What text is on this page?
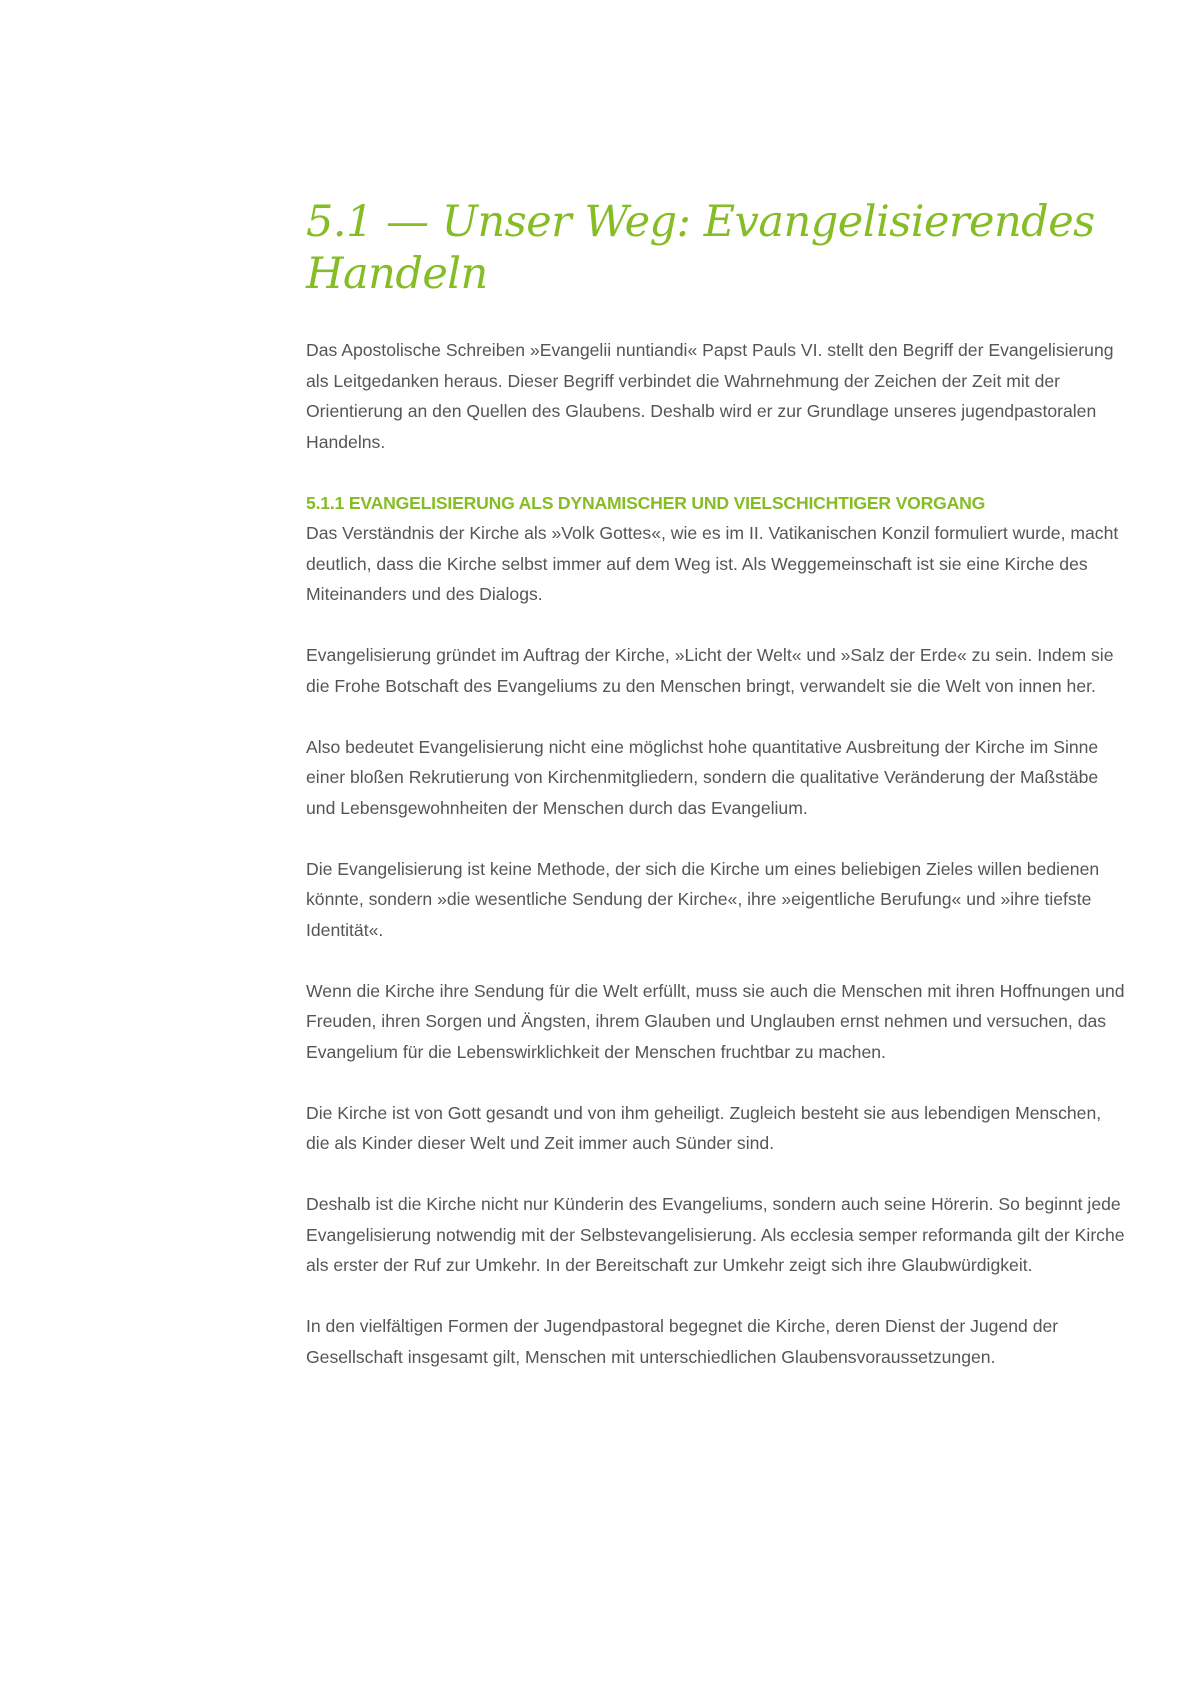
5.1 — Unser Weg: Evangelisierendes
Handeln

Das Apostolische Schreiben »Evangelii nuntiandi« Papst Pauls VI. stellt den Begriff der Evangelisierung als Leitgedanken heraus. Dieser Begriff verbindet die Wahrnehmung der Zeichen der Zeit mit der Orientierung an den Quellen des Glaubens. Deshalb wird er zur Grundlage unseres jugendpastoralen Handelns.

5.1.1 EVANGELISIERUNG ALS DYNAMISCHER UND VIELSCHICHTIGER VORGANG

Das Verständnis der Kirche als »Volk Gottes«, wie es im II. Vatikanischen Konzil formuliert wurde, macht deutlich, dass die Kirche selbst immer auf dem Weg ist. Als Weggemeinschaft ist sie eine Kirche des Miteinanders und des Dialogs.

Evangelisierung gründet im Auftrag der Kirche, »Licht der Welt« und »Salz der Erde« zu sein. Indem sie die Frohe Botschaft des Evangeliums zu den Menschen bringt, verwandelt sie die Welt von innen her.

Also bedeutet Evangelisierung nicht eine möglichst hohe quantitative Ausbreitung der Kirche im Sinne einer bloßen Rekrutierung von Kirchenmitgliedern, sondern die qualitative Veränderung der Maßstäbe und Lebensgewohnheiten der Menschen durch das Evangelium.

Die Evangelisierung ist keine Methode, der sich die Kirche um eines beliebigen Zieles willen bedienen könnte, sondern »die wesentliche Sendung der Kirche«, ihre »eigentliche Berufung« und »ihre tiefste Identität«.

Wenn die Kirche ihre Sendung für die Welt erfüllt, muss sie auch die Menschen mit ihren Hoffnungen und Freuden, ihren Sorgen und Ängsten, ihrem Glauben und Unglauben ernst nehmen und versuchen, das Evangelium für die Lebenswirklichkeit der Menschen fruchtbar zu machen.

Die Kirche ist von Gott gesandt und von ihm geheiligt. Zugleich besteht sie aus lebendigen Menschen, die als Kinder dieser Welt und Zeit immer auch Sünder sind.

Deshalb ist die Kirche nicht nur Künderin des Evangeliums, sondern auch seine Hörerin. So beginnt jede Evangelisierung notwendig mit der Selbstevangelisierung. Als ecclesia semper reformanda gilt der Kirche als erster der Ruf zur Umkehr. In der Bereitschaft zur Umkehr zeigt sich ihre Glaubwürdigkeit.

In den vielfältigen Formen der Jugendpastoral begegnet die Kirche, deren Dienst der Jugend der Gesellschaft insgesamt gilt, Menschen mit unterschiedlichen Glaubensvoraussetzungen.
